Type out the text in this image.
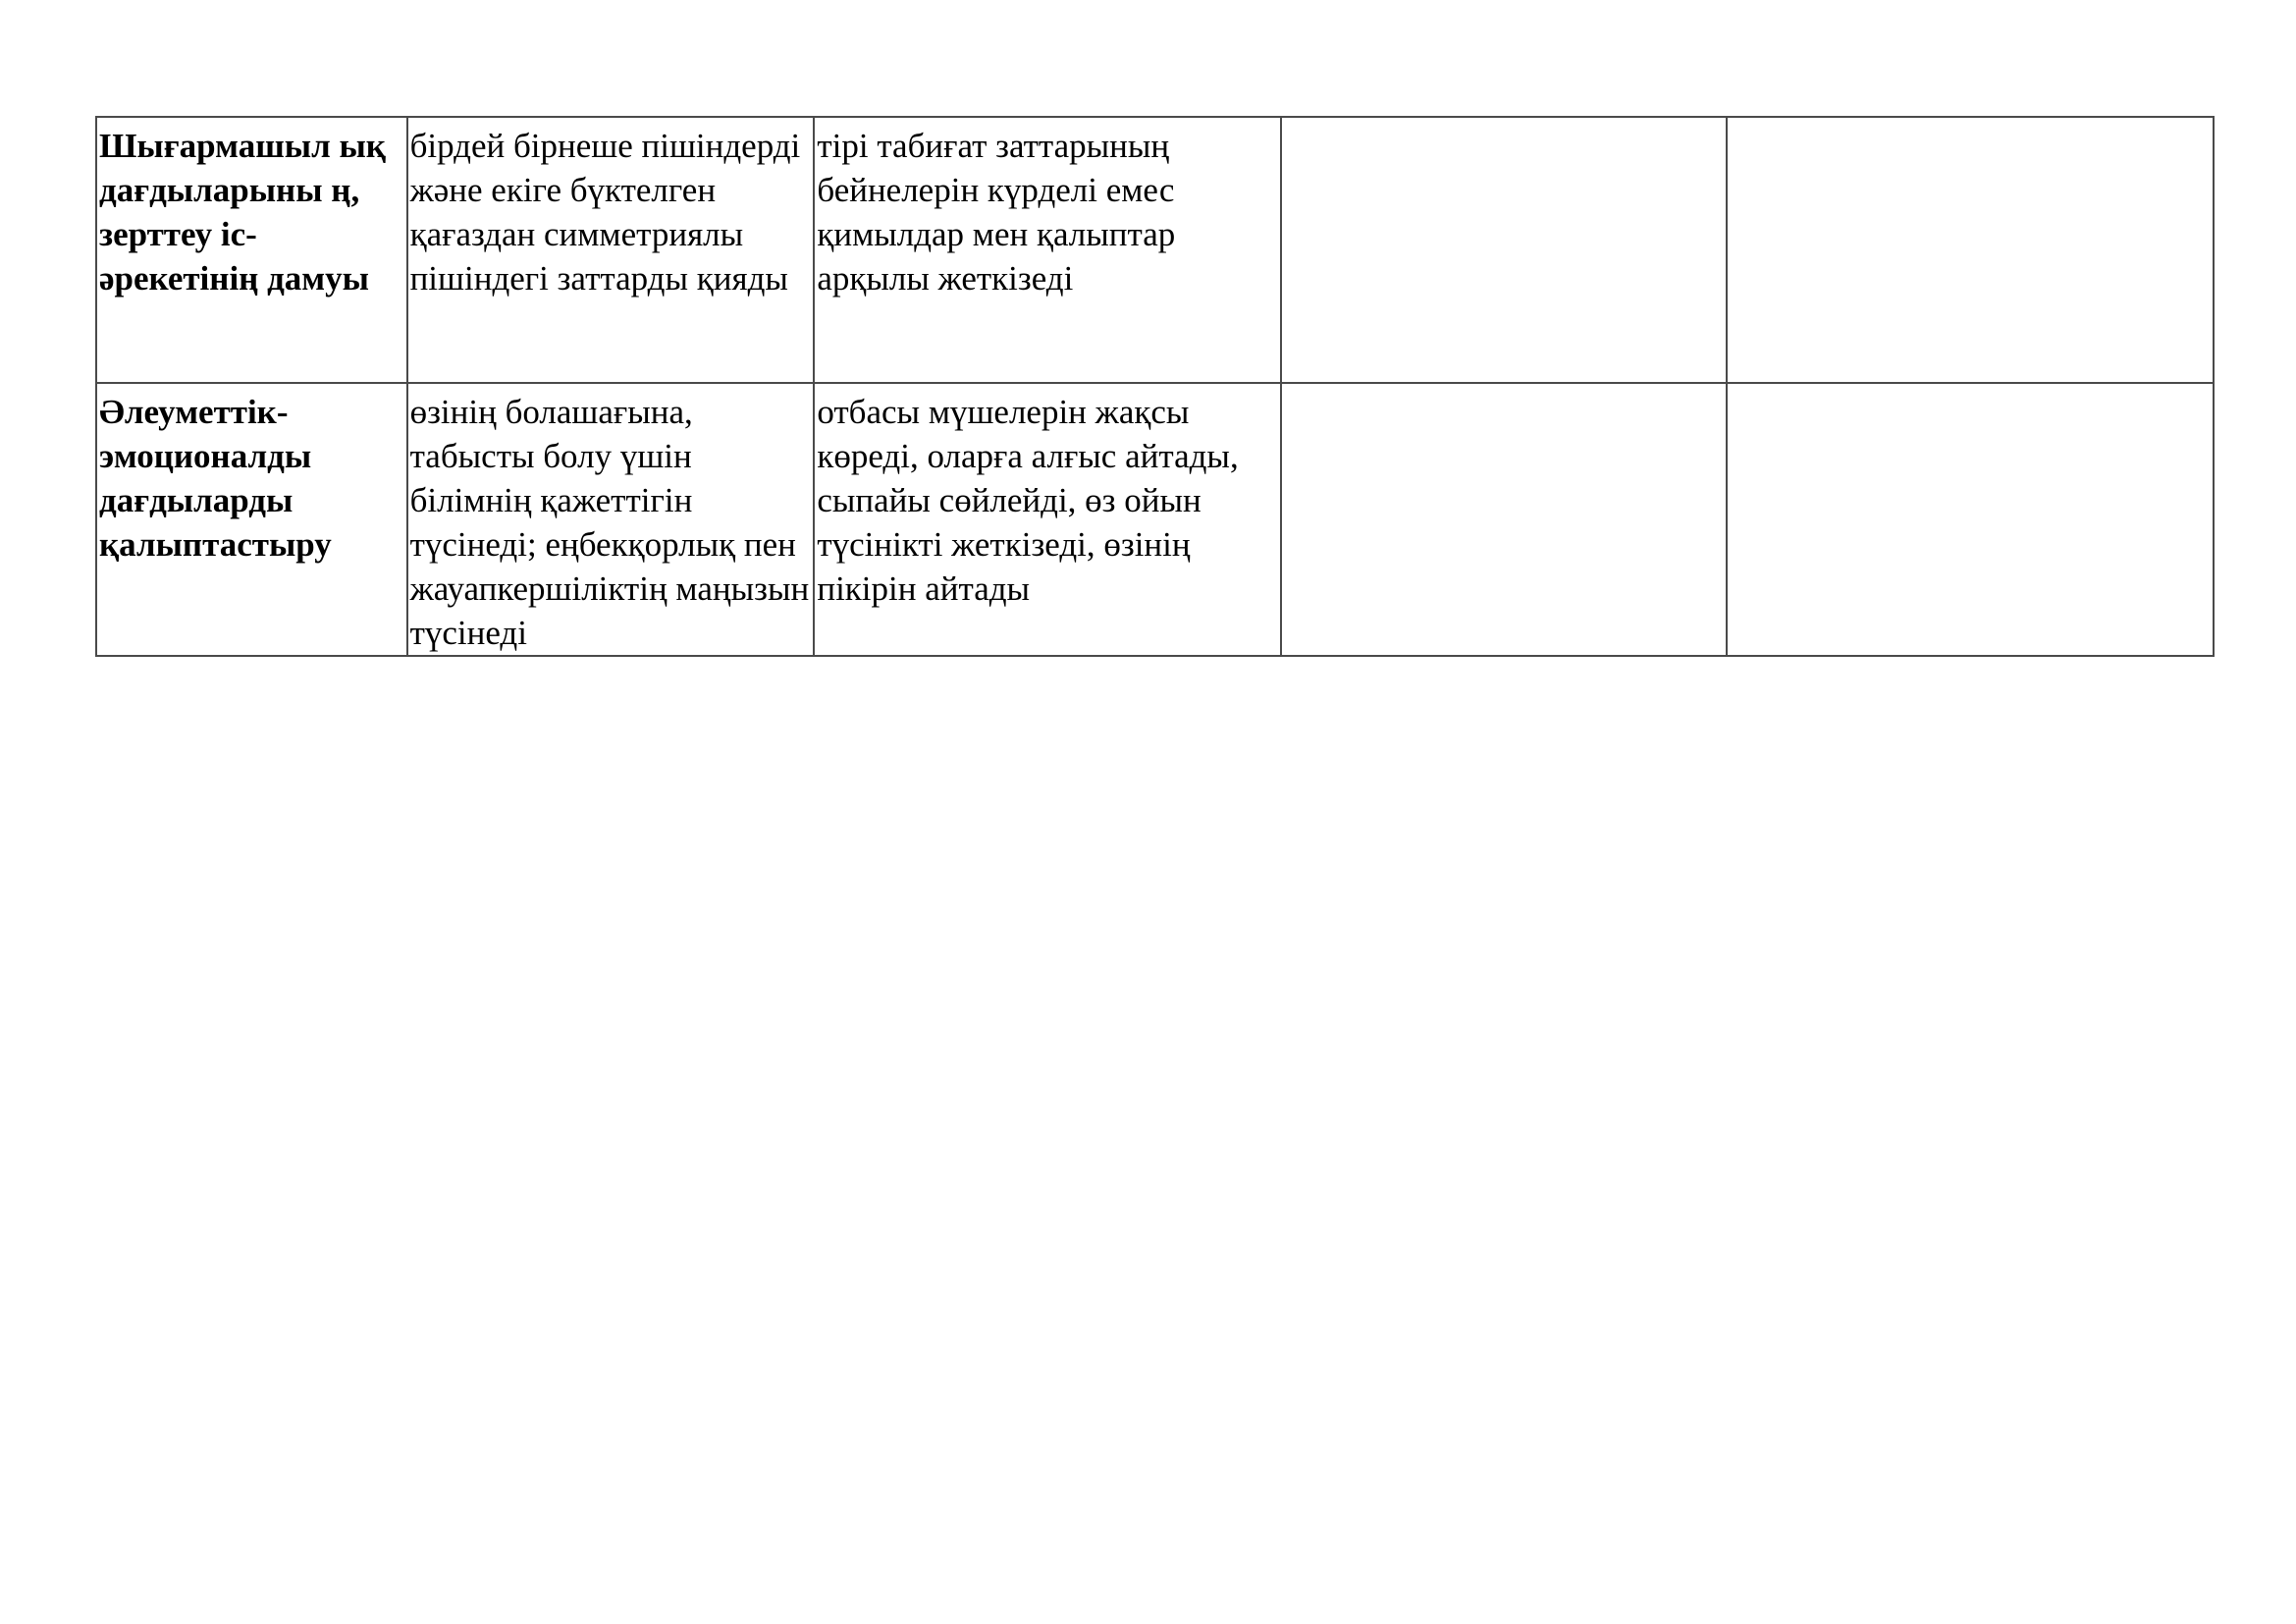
Шығармашыл ық дағдыларыны ң, зерттеу іс-әрекетінің дамуы	бірдей бірнеше пішіндерді және екіге бүктелген қағаздан симметриялы пішіндегі заттарды қияды	тірі табиғат заттарының бейнелерін күрделі емес қимылдар мен қалыптар арқылы жеткізеді		
Әлеуметтік-эмоционалды дағдыларды қалыптастыру	өзінің болашағына, табысты болу үшін білімнің қажеттігін түсінеді; еңбекқорлық пен жауапкершіліктің маңызын түсінеді	отбасы мүшелерін жақсы көреді, оларға алғыс айтады, сыпайы сөйлейді, өз ойын түсінікті жеткізеді, өзінің пікірін айтады		
